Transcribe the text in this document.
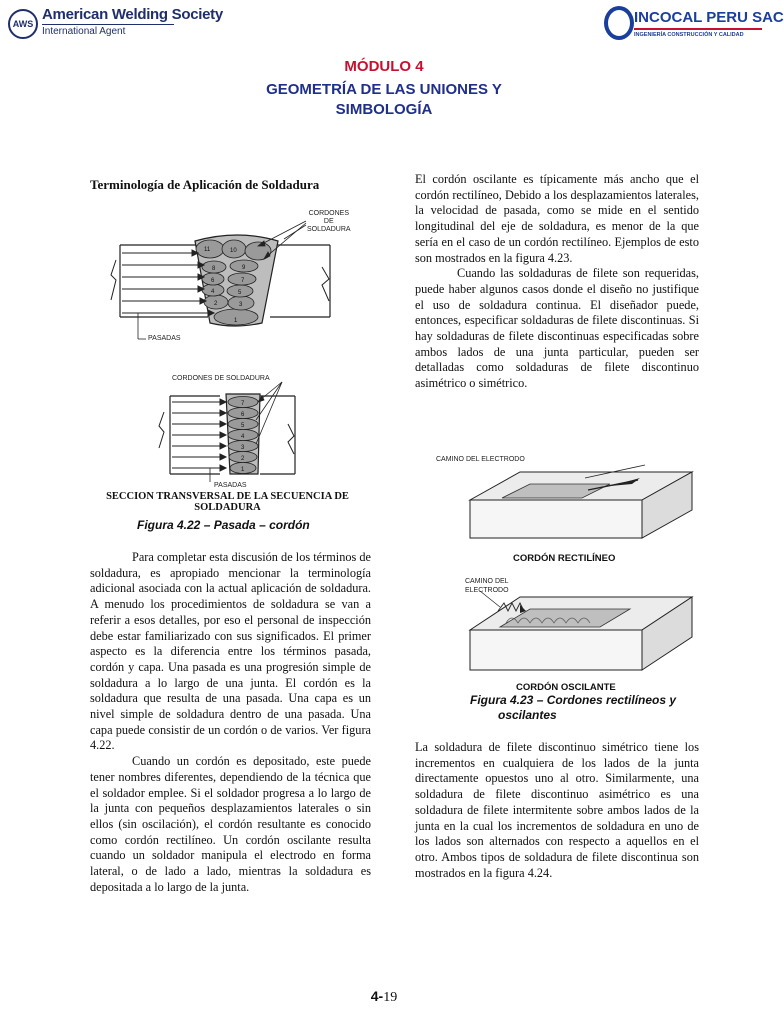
AWS
American Welding Society
International Agent
INCOCAL PERU SAC
INGENIERÍA CONSTRUCCIÓN Y CALIDAD
MÓDULO 4
GEOMETRÍA DE LAS UNIONES Y
SIMBOLOGÍA
Terminología de Aplicación de Soldadura
1
2	3
4	5
6	7
8	9
10
11
CORDONES
DE
SOLDADURA
PASADAS
1
2
3
4
5
6
7
CORDONES DE SOLDADURA
PASADAS
SECCION TRANSVERSAL DE LA SECUENCIA DE
SOLDADURA
Figura 4.22 – Pasada – cordón

Para completar esta discusión de los términos de soldadura, es apropiado mencionar la terminología adicional asociada con la actual aplicación de soldadura. A menudo los procedimientos de soldadura se van a referir a esos detalles, por eso el personal de inspección debe estar familiarizado con sus significados. El primer aspecto es la diferencia entre los términos pasada, cordón y capa. Una pasada es una progresión simple de soldadura a lo largo de una junta. El cordón es la soldadura que resulta de una pasada. Una capa es un nivel simple de soldadura dentro de una pasada. Una capa puede consistir de un cordón o de varios. Ver figura 4.22.

Cuando un cordón es depositado, este puede tener nombres diferentes, dependiendo de la técnica que el soldador emplee. Si el soldador progresa a lo largo de la junta con pequeños desplazamientos laterales o sin ellos (sin oscilación), el cordón resultante es conocido como cordón rectilíneo. Un cordón oscilante resulta cuando un soldador manipula el electrodo en forma lateral, o de lado a lado, mientras la soldadura es depositada a lo largo de la junta.

El cordón oscilante es típicamente más ancho que el cordón rectilíneo, Debido a los desplazamientos laterales, la velocidad de pasada, como se mide en el sentido longitudinal del eje de soldadura, es menor de la que sería en el caso de un cordón rectilíneo. Ejemplos de esto son mostrados en la figura 4.23.

Cuando las soldaduras de filete son requeridas, puede haber algunos casos donde el diseño no justifique el uso de soldadura continua. El diseñador puede, entonces, especificar soldaduras de filete discontinuas. Si hay soldaduras de filete discontinuas especificadas sobre ambos lados de una junta particular, pueden ser detalladas como soldaduras de filete discontinuo asimétrico o simétrico.

CAMINO DEL ELECTRODO
CORDÓN RECTILÍNEO
CAMINO DEL
ELECTRODO
CORDÓN OSCILANTE
Figura 4.23 – Cordones rectilíneos y
oscilantes

La soldadura de filete discontinuo simétrico tiene los incrementos en cualquiera de los lados de la junta directamente opuestos uno al otro. Similarmente, una soldadura de filete discontinuo asimétrico es una soldadura de filete intermitente sobre ambos lados de la junta en la cual los incrementos de soldadura en uno de los lados son alternados con respecto a aquellos en el otro. Ambos tipos de soldadura de filete discontinua son mostrados en la figura 4.24.

4-19
